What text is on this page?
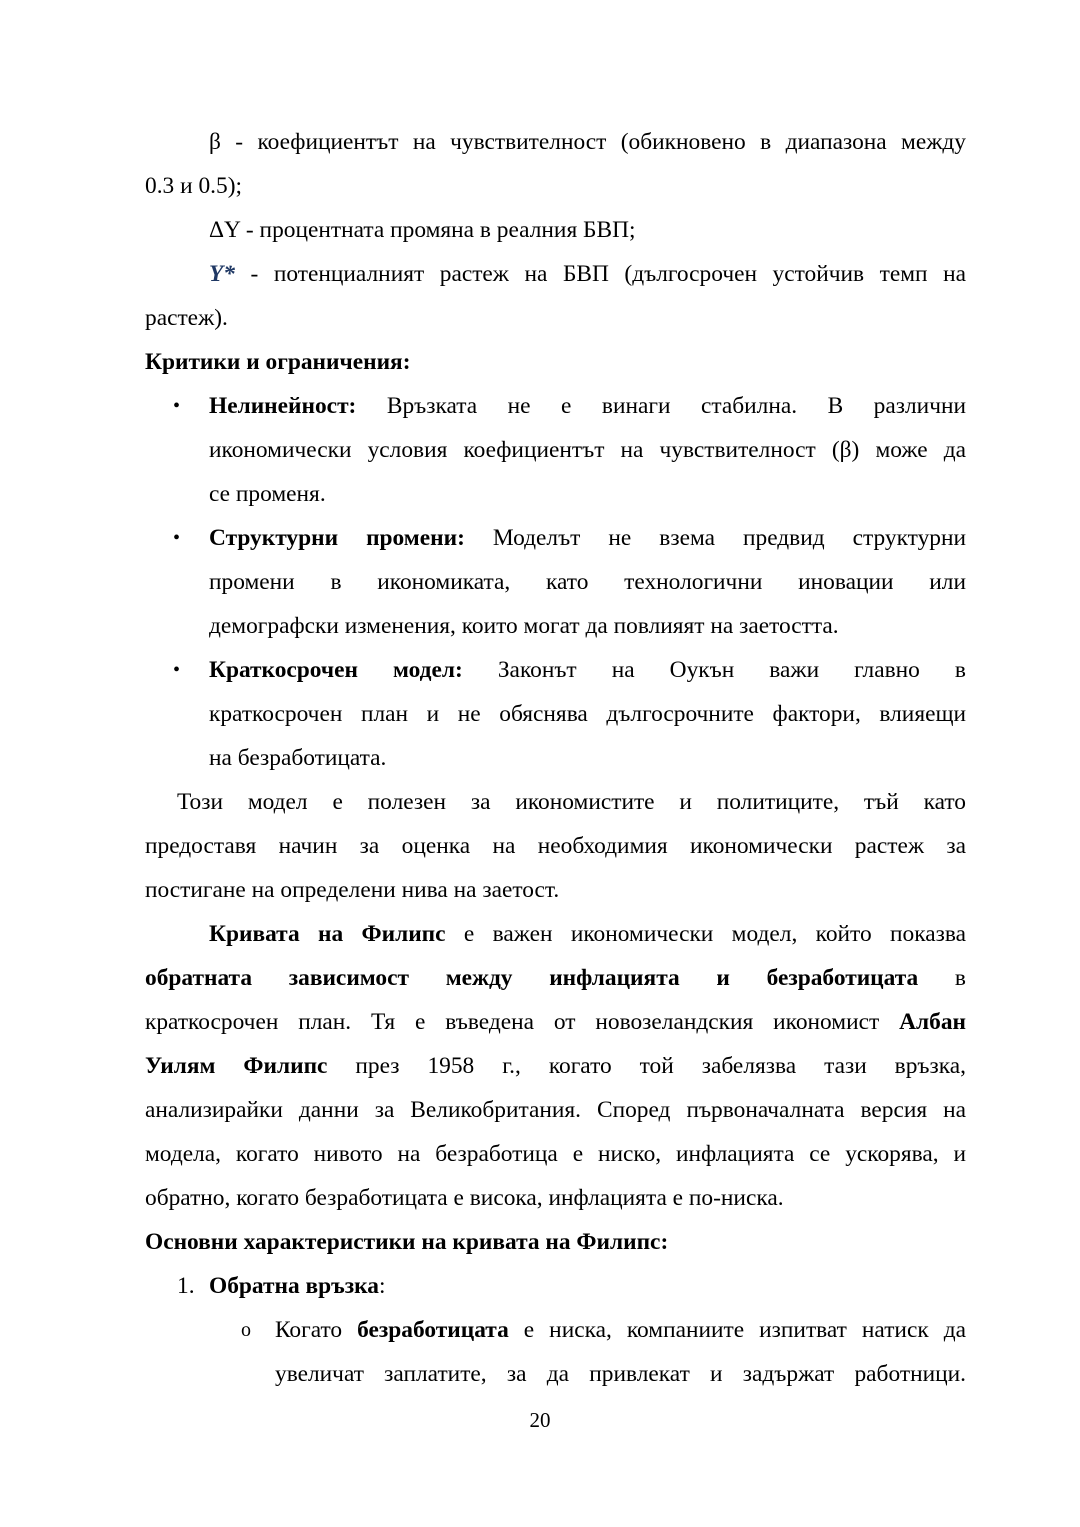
β - коефициентът на чувствителност (обикновено в диапазона между

0.3 и 0.5);

ΔY - процентната промяна в реалния БВП;

Y* - потенциалният растеж на БВП (дългосрочен устойчив темп на

растеж).

Критики и ограничения:

• Нелинейност: Връзката не е винаги стабилна. В различни

икономически условия коефициентът на чувствителност (β) може да

се променя.

• Структурни промени: Моделът не взема предвид структурни

промени в икономиката, като технологични иновации или

демографски изменения, които могат да повлияят на заетостта.

• Краткосрочен модел: Законът на Оукън важи главно в

краткосрочен план и не обяснява дългосрочните фактори, влияещи

на безработицата.

Този модел е полезен за икономистите и политиците, тъй като

предоставя начин за оценка на необходимия икономически растеж за

постигане на определени нива на заетост.

Кривата на Филипс е важен икономически модел, който показва

обратната зависимост между инфлацията и безработицата в

краткосрочен план. Тя е въведена от новозеландския икономист Албан

Уилям Филипс през 1958 г., когато той забелязва тази връзка,

анализирайки данни за Великобритания. Според първоначалната версия на

модела, когато нивото на безработица е ниско, инфлацията се ускорява, и

обратно, когато безработицата е висока, инфлацията е по-ниска.

Основни характеристики на кривата на Филипс:

1. Обратна връзка:

o Когато безработицата е ниска, компаниите изпитват натиск да

увеличат заплатите, за да привлекат и задържат работници.

20
